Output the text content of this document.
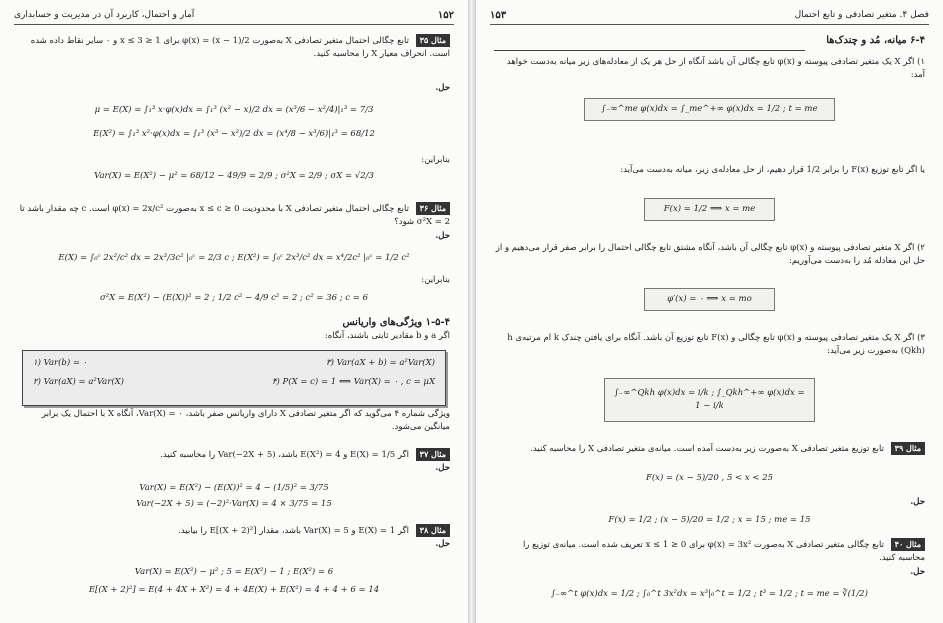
۱۵۲
آمار و احتمال، کاربرد آن در مدیریت و حسابداری
مثال ۳۵ تابع چگالی احتمال متغیر تصادفی X به‌صورت φ(x) = (x − 1)/2 برای 1 ≤ x ≤ 3 و ۰ سایر نقاط داده شده است. انحراف معیار X را محاسبه کنید.
حل.
μ = E(X) = ∫₁³ x·φ(x)dx = ∫₁³ (x² − x)/2 dx = (x³/6 − x²/4)|₁³ = 7/3
E(X²) = ∫₁³ x²·φ(x)dx = ∫₁³ (x³ − x²)/2 dx = (x⁴/8 − x³/6)|₁³ = 68/12
بنابراین:
Var(X) = E(X²) − μ² = 68/12 − 49/9 = 2/9 ; σ²X = 2/9 ; σX = √2/3
مثال ۳۶ تابع چگالی احتمال متغیر تصادفی X با محدودیت 0 ≤ x ≤ c به‌صورت φ(x) = 2x/c² است. c چه مقدار باشد تا σ²X = 2 شود؟
حل.
E(X) = ∫₀ᶜ 2x²/c² dx = 2x³/3c² |₀ᶜ = 2/3 c ; E(X²) = ∫₀ᶜ 2x³/c² dx = x⁴/2c² |₀ᶜ = 1/2 c²
بنابراین:
σ²X = E(X²) − (E(X))² = 2 ; 1/2 c² − 4/9 c² = 2 ; c² = 36 ; c = 6
۱-۵-۴ ویژگی‌های واریانس
اگر a و b مقادیر ثابتی باشند، آنگاه:
۱) Var(b) = ۰	۳) Var(aX + b) = a²Var(X)
۲) Var(aX) = a²Var(X)	۴) P(X = c) = 1 ⟺ Var(X) = ۰ , c = μX
ویژگی شماره ۴ می‌گوید که اگر متغیر تصادفی X دارای واریانس صفر باشد، Var(X) = ۰، آنگاه X با احتمال یک برابر میانگین می‌شود.
مثال ۳۷ اگر E(X) = 1/5 و E(X²) = 4 باشد، Var(−2X + 5) را محاسبه کنید.
حل.
Var(X) = E(X²) − (E(X))² = 4 − (1/5)² = 3/75
Var(−2X + 5) = (−2)²·Var(X) = 4 × 3/75 = 15
مثال ۳۸ اگر E(X) = 1 و Var(X) = 5 باشد، مقدار E[(X + 2)²] را بیابید.
حل.
Var(X) = E(X²) − μ² ; 5 = E(X²) − 1 ; E(X²) = 6
E[(X + 2)²] = E(4 + 4X + X²) = 4 + 4E(X) + E(X²) = 4 + 4 + 6 = 14
فصل ۴. متغیر تصادفی و تابع احتمال
۱۵۳
۶-۴ میانه، مُد و چندک‌ها
۱) اگر X یک متغیر تصادفی پیوسته و φ(x) تابع چگالی آن باشد آنگاه از حل هر یک از معادله‌های زیر میانه به‌دست خواهد آمد:
∫₋∞^me φ(x)dx = ∫_me^+∞ φ(x)dx = 1/2 ; t = me
یا اگر تابع توزیع F(x) را برابر 1/2 قرار دهیم، از حل معادله‌ی زیر، میانه به‌دست می‌آید:
F(x) = 1/2 ⟹ x = me
۲) اگر X متغیر تصادفی پیوسته و φ(x) تابع چگالی آن باشد، آنگاه مشتق تابع چگالی احتمال را برابر صفر قرار می‌دهیم و از حل این معادله مُد را به‌دست می‌آوریم:
φ′(x) = ۰ ⟹ x = mo
۳) اگر X یک متغیر تصادفی پیوسته و φ(x) تابع چگالی و F(x) تابع توزیع آن باشد. آنگاه برای یافتن چندک k ام مرتبه‌ی h (Qkh) به‌صورت زیر می‌آید:
∫₋∞^Qkh φ(x)dx = i/k ; ∫_Qkh^+∞ φ(x)dx = 1 − i/k
مثال ۳۹ تابع توزیع متغیر تصادفی X به‌صورت زیر به‌دست آمده است. میانه‌ی متغیر تصادفی X را محاسبه کنید.
F(x) = (x − 5)/20 , 5 < x < 25
حل.
F(x) = 1/2 ; (x − 5)/20 = 1/2 ; x = 15 ; me = 15
مثال ۴۰ تابع چگالی متغیر تصادفی X به‌صورت φ(x) = 3x² برای 0 ≤ x ≤ 1 تعریف شده است. میانه‌ی توزیع را محاسبه کنید.
حل.
∫₋∞^t φ(x)dx = 1/2 ; ∫₀^t 3x²dx = x³|₀^t = 1/2 ; t³ = 1/2 ; t = me = ∛(1/2)
